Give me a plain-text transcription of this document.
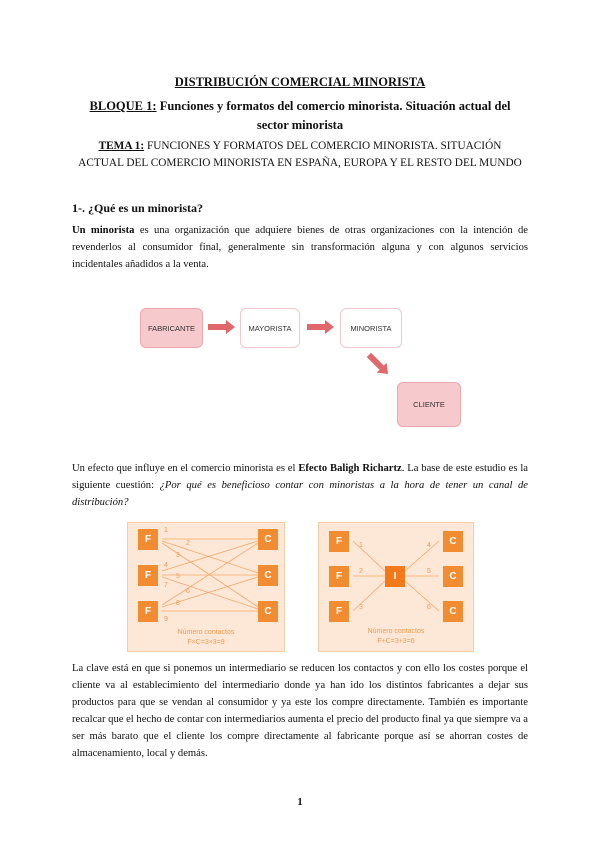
DISTRIBUCIÓN COMERCIAL MINORISTA
BLOQUE 1: Funciones y formatos del comercio minorista. Situación actual del sector minorista
TEMA 1: FUNCIONES Y FORMATOS DEL COMERCIO MINORISTA. SITUACIÓN ACTUAL DEL COMERCIO MINORISTA EN ESPAÑA, EUROPA Y EL RESTO DEL MUNDO
1-. ¿Qué es un minorista?

Un minorista es una organización que adquiere bienes de otras organizaciones con la intención de revenderlos al consumidor final, generalmente sin transformación alguna y con algunos servicios incidentales añadidos a la venta.

FABRICANTE	MAYORISTA	MINORISTA
CLIENTE

Un efecto que influye en el comercio minorista es el Efecto Baligh Richartz. La base de este estudio es la siguiente cuestión: ¿Por qué es beneficioso contar con minoristas a la hora de tener un canal de distribución?

1
2
3
4
5
6
7
8
9
F
F
F
C
C
C
Número contactos
F×C=3×3=9
1
2
3
4
5
6
F
F
F
I
C
C
C
Número contactos
F+C=3+3=6

La clave está en que si ponemos un intermediario se reducen los contactos y con ello los costes porque el cliente va al establecimiento del intermediario donde ya han ido los distintos fabricantes a dejar sus productos para que se vendan al consumidor y ya este los compre directamente. También es importante recalcar que el hecho de contar con intermediarios aumenta el precio del producto final ya que siempre va a ser más barato que el cliente los compre directamente al fabricante porque así se ahorran costes de almacenamiento, local y demás.

1
